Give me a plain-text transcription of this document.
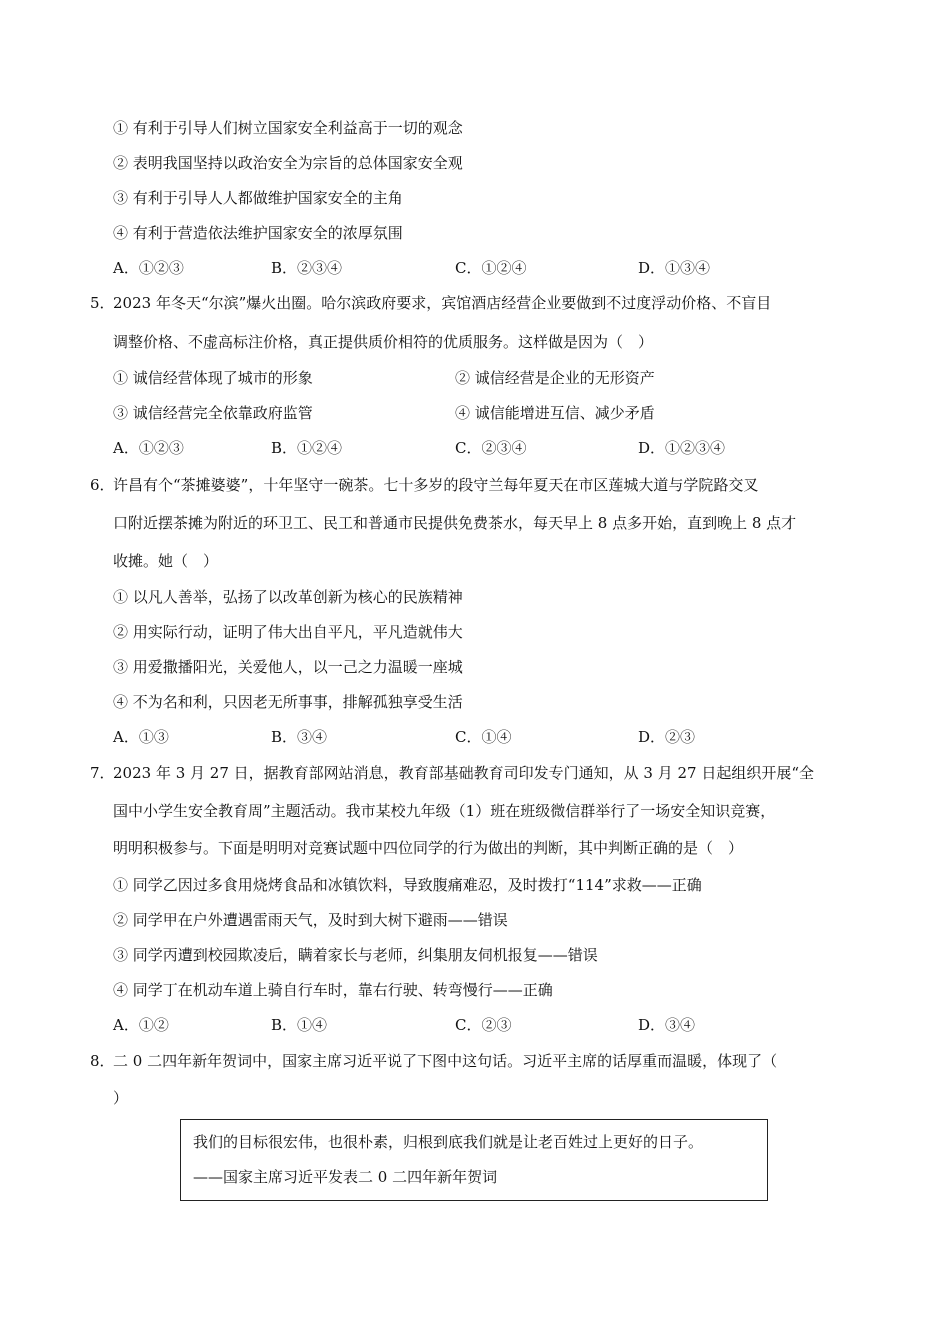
① 有利于引导人们树立国家安全利益高于一切的观念
② 表明我国坚持以政治安全为宗旨的总体国家安全观
③ 有利于引导人人都做维护国家安全的主角
④ 有利于营造依法维护国家安全的浓厚氛围
A．①②③	B．②③④	C．①②④	D．①③④
5．
2023 年冬天“尔滨”爆火出圈。哈尔滨政府要求，宾馆酒店经营企业要做到不过度浮动价格、不盲目
调整价格、不虚高标注价格，真正提供质价相符的优质服务。这样做是因为（　）
① 诚信经营体现了城市的形象	② 诚信经营是企业的无形资产
③ 诚信经营完全依靠政府监管	④ 诚信能增进互信、减少矛盾
A．①②③	B．①②④	C．②③④	D．①②③④
6．
许昌有个“茶摊婆婆”，十年坚守一碗茶。七十多岁的段守兰每年夏天在市区莲城大道与学院路交叉
口附近摆茶摊为附近的环卫工、民工和普通市民提供免费茶水，每天早上 8 点多开始，直到晚上 8 点才
收摊。她（　）
① 以凡人善举，弘扬了以改革创新为核心的民族精神
② 用实际行动，证明了伟大出自平凡，平凡造就伟大
③ 用爱撒播阳光，关爱他人，以一己之力温暖一座城
④ 不为名和利，只因老无所事事，排解孤独享受生活
A．①③	B．③④	C．①④	D．②③
7．
2023 年 3 月 27 日，据教育部网站消息，教育部基础教育司印发专门通知，从 3 月 27 日起组织开展“全
国中小学生安全教育周”主题活动。我市某校九年级（1）班在班级微信群举行了一场安全知识竞赛，
明明积极参与。下面是明明对竞赛试题中四位同学的行为做出的判断，其中判断正确的是（　）
① 同学乙因过多食用烧烤食品和冰镇饮料，导致腹痛难忍，及时拨打“114”求救——正确
② 同学甲在户外遭遇雷雨天气，及时到大树下避雨——错误
③ 同学丙遭到校园欺凌后，瞒着家长与老师，纠集朋友伺机报复——错误
④ 同学丁在机动车道上骑自行车时，靠右行驶、转弯慢行——正确
A．①②	B．①④	C．②③	D．③④
8．
二 0 二四年新年贺词中，国家主席习近平说了下图中这句话。习近平主席的话厚重而温暖，体现了（
）
我们的目标很宏伟，也很朴素，归根到底我们就是让老百姓过上更好的日子。
——国家主席习近平发表二 0 二四年新年贺词
